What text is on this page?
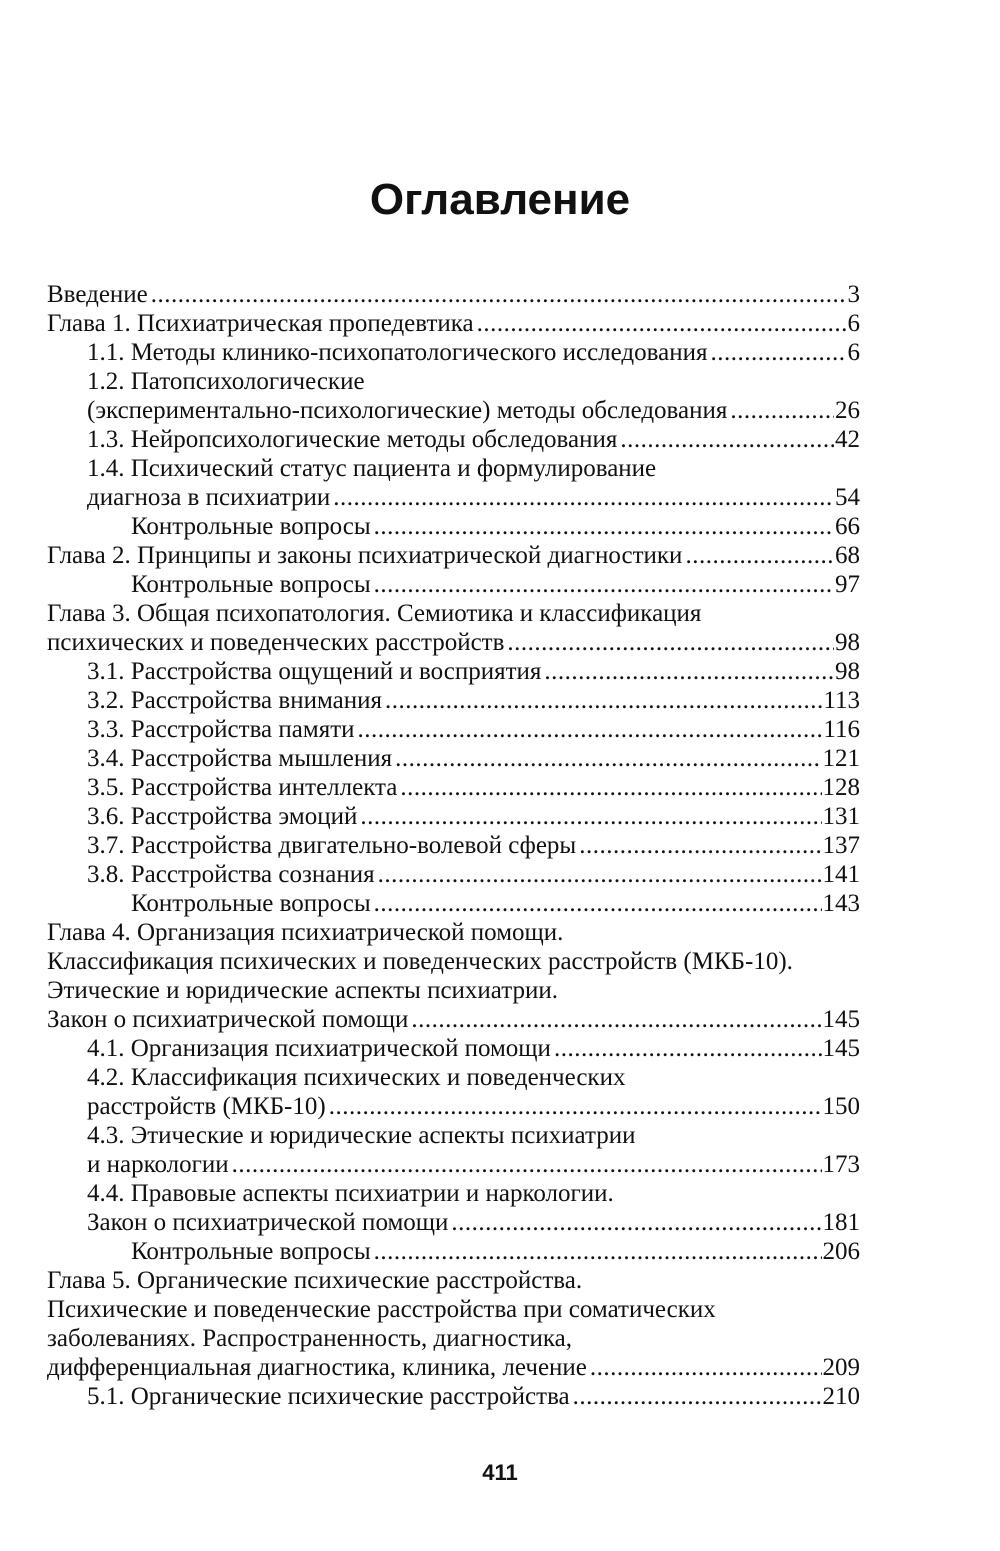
Оглавление
Введение .....	3
Глава 1. Психиатрическая пропедевтика .....	6
1.1. Методы клинико-психопатологического исследования .....	6
1.2. Патопсихологические
(экспериментально-психологические) методы обследования .....	26
1.3. Нейропсихологические методы обследования .....	42
1.4. Психический статус пациента и формулирование
диагноза в психиатрии .....	54
Контрольные вопросы .....	66
Глава 2. Принципы и законы психиатрической диагностики .....	68
Контрольные вопросы .....	97
Глава 3. Общая психопатология. Семиотика и классификация
психических и поведенческих расстройств .....	98
3.1. Расстройства ощущений и восприятия .....	98
3.2. Расстройства внимания .....	113
3.3. Расстройства памяти .....	116
3.4. Расстройства мышления .....	121
3.5. Расстройства интеллекта .....	128
3.6. Расстройства эмоций .....	131
3.7. Расстройства двигательно-волевой сферы .....	137
3.8. Расстройства сознания .....	141
Контрольные вопросы .....	143
Глава 4. Организация психиатрической помощи.
Классификация психических и поведенческих расстройств (МКБ-10).
Этические и юридические аспекты психиатрии.
Закон о психиатрической помощи .....	145
4.1. Организация психиатрической помощи .....	145
4.2. Классификация психических и поведенческих
расстройств (МКБ-10) .....	150
4.3. Этические и юридические аспекты психиатрии
и наркологии .....	173
4.4. Правовые аспекты психиатрии и наркологии.
Закон о психиатрической помощи .....	181
Контрольные вопросы .....	206
Глава 5. Органические психические расстройства.
Психические и поведенческие расстройства при соматических
заболеваниях. Распространенность, диагностика,
дифференциальная диагностика, клиника, лечение .....	209
5.1. Органические психические расстройства .....	210
411
